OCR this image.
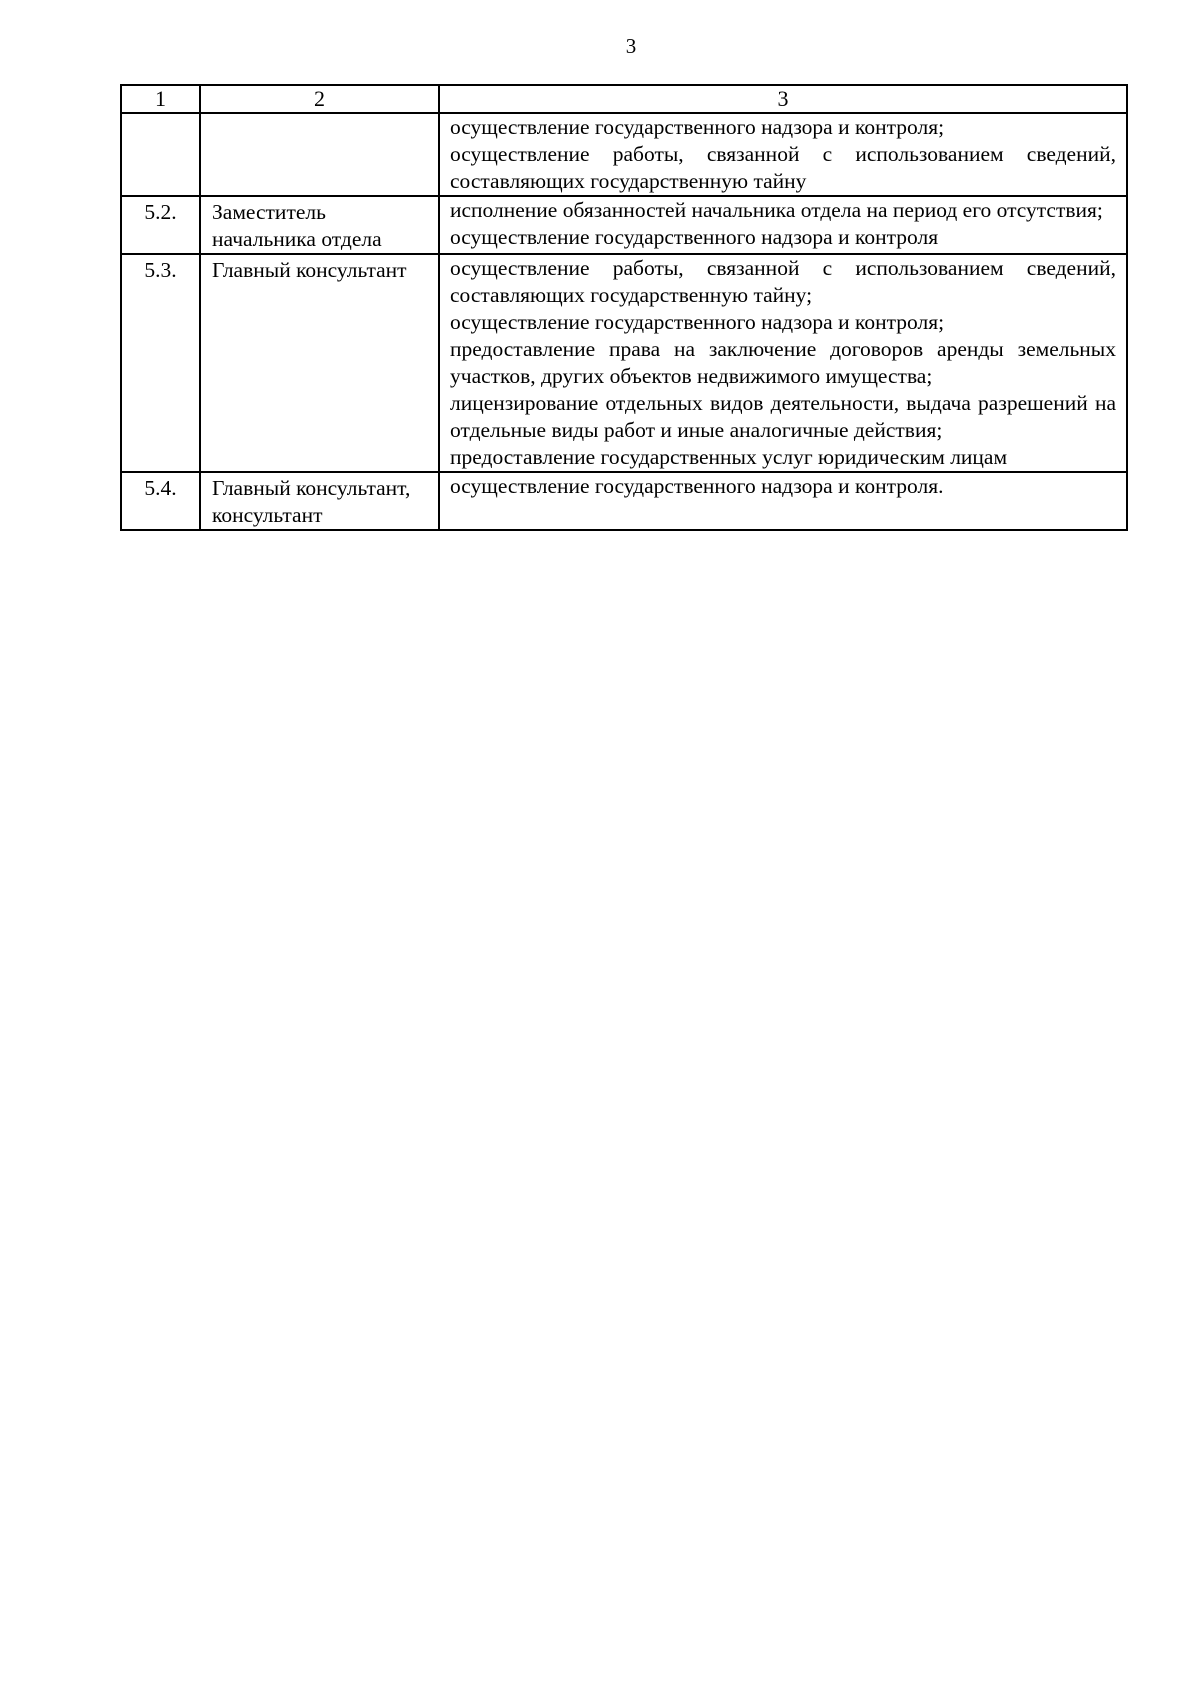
3
1	2	3

		осуществление государственного надзора и контроля;
осуществление работы, связанной с использованием сведений, составляющих государственную тайну

5.2.	Заместитель начальника отдела	исполнение обязанностей начальника отдела на период его отсутствия;
осуществление государственного надзора и контроля

5.3.	Главный консультант	осуществление работы, связанной с использованием сведений, составляющих государственную тайну;
осуществление государственного надзора и контроля;
предоставление права на заключение договоров аренды земельных участков, других объектов недвижимого имущества;
лицензирование отдельных видов деятельности, выдача разрешений на отдельные виды работ и иные аналогичные действия;
предоставление государственных услуг юридическим лицам

5.4.	Главный консультант, консультант	осуществление государственного надзора и контроля.
